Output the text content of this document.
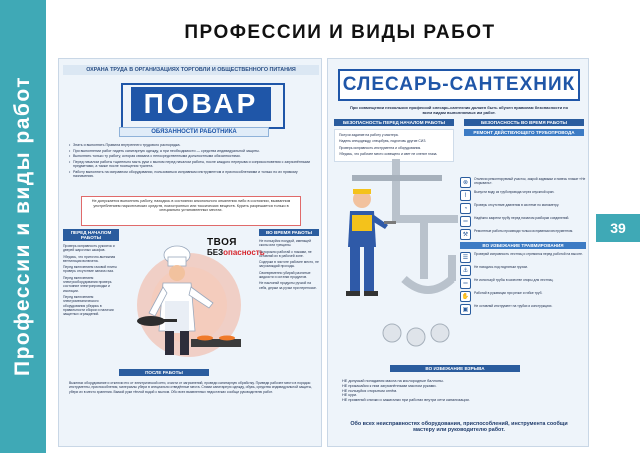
Профессии и виды работ
ПРОФЕССИИ И ВИДЫ РАБОТ
39
ОХРАНА ТРУДА В ОРГАНИЗАЦИЯХ ТОРГОВЛИ И ОБЩЕСТВЕННОГО ПИТАНИЯ
ПОВАР
ОБЯЗАННОСТИ РАБОТНИКА
• Знать и выполнять Правила внутреннего трудового распорядка.
• При выполнении работ надеть санитарную одежду, а при необходимости — средства индивидуальной защиты.
• Выполнять только ту работу, которая связана с непосредственными должностными обязанностями.
• Перед началом работы тщательно мыть руки с мылом перед началом работы, после каждого перерыва и соприкосновения с загрязнёнными предметами, а также после посещения туалета.
• Работу выполнять на исправном оборудовании, пользоваться исправным инструментом и приспособлениями и только по их прямому назначению.
Не допускается выполнять работу, находясь в состоянии алкогольного опьянения либо в состоянии, вызванном употреблением наркотических средств, психотропных или токсических веществ. Курить разрешается только в специально установленных местах.
ПЕРЕД НАЧАЛОМ РАБОТЫ
Проверь исправность рукояток и дверей жарочных шкафов.
Убедись, что приточно-вытяжная вентиляция включена.
Перед включением газовой плиты проверь отсутствие запаха газа.
Перед включением электрооборудования проверь состояние электропроводки и изоляции.
Перед включением электромеханического оборудования убедись в правильности сборки и наличии защитных ограждений.
ТВОЯ
БЕЗопасность
ВО ВРЕМЯ РАБОТЫ
Не пользуйся посудой, имеющей сколы или трещины.
Осторожно работай с ножами, не оставляй их в рабочей зоне.
Содержи в чистоте рабочее место, не загромождай проходы.
Своевременно убирай разлитые жидкости и остатки продуктов.
Не наклоняй продукты ручкой на себя, держи за ручки при переноске.
ПОСЛЕ РАБОТЫ

Выключи оборудование и отключи его от электрической сети, очисти от загрязнений, проведи санитарную обработку. Приведи рабочее место в порядок: инструменты, приспособления, материалы убери в специально отведённые места. Сними санитарную одежду, обувь, средства индивидуальной защиты, убери их в место хранения. Вымой руки тёплой водой с мылом. Обо всех выявленных недостатках сообщи руководителю работ.

СЛЕСАРЬ-САНТЕХНИК
При совмещении нескольких профессий слесарь-сантехник должен быть обучен правилам безопасности по всем видам выполняемых им работ.
БЕЗОПАСНОСТЬ ПЕРЕД НАЧАЛОМ РАБОТЫ
Получи задание на работу у мастера.
Надень спецодежду, спецобувь, подготовь другие СИЗ.
Проверь исправность инструмента и оборудования.
Убедись, что рабочее место освещено и свет не слепит глаза.
БЕЗОПАСНОСТЬ ВО ВРЕМЯ РАБОТЫ
РЕМОНТ ДЕЙСТВУЮЩЕГО ТРУБОПРОВОДА
⊗
Отключи ремонтируемый участок, закрой задвижки и повесь плакат «Не открывать».
⌇
Выпусти воду из трубопровода через спускной кран.
◔
Проверь отсутствие давления в системе по манометру.
═
Надёжно закрепи трубу перед началом разборки соединений.
⚒
Ремонтные работы производи только исправным инструментом.
ВО ИЗБЕЖАНИЕ ТРАВМИРОВАНИЯ
☰
Проверяй исправность лестниц и стремянок перед работой на высоте.
⚓
Не находись под поднятым грузом.
═
Не используй трубы в качестве опоры для лестниц.
✋
Работай в рукавицах при резке и гибке труб.
▣
Не оставляй инструмент на трубах и конструкциях.
ВО ИЗБЕЖАНИЕ ВЗРЫВА
НЕ допускай попадания масла на кислородные баллоны.
НЕ прикасайся к ним загрязнёнными маслом руками.
НЕ пользуйся открытым огнём.
НЕ кури.
НЕ применяй спички и зажигалки при работах внутри сети канализации.
Обо всех неисправностях оборудования, приспособлений, инструмента сообщи мастеру или руководителю работ.
